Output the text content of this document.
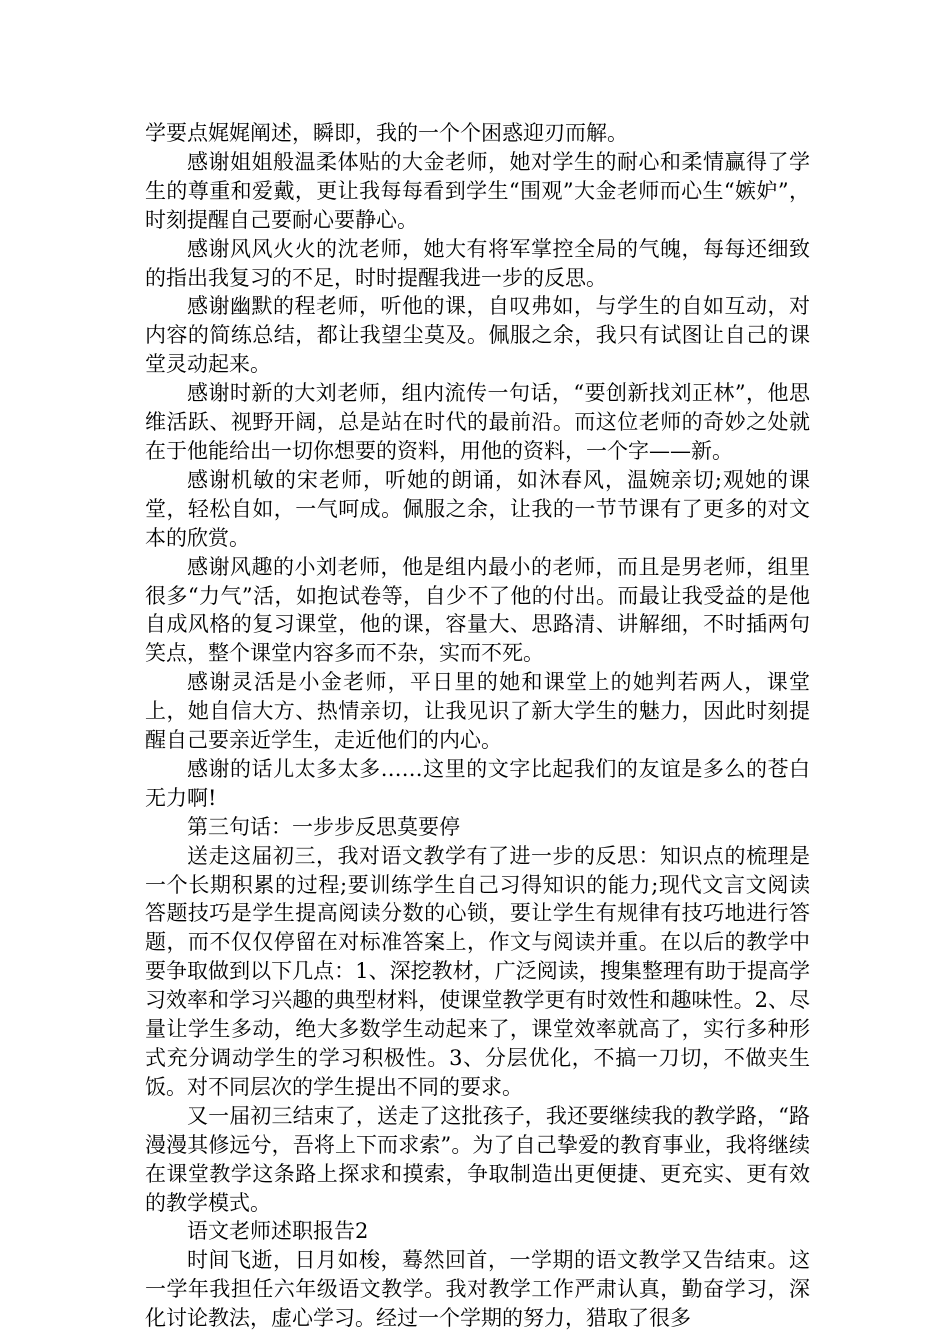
学要点娓娓阐述，瞬即，我的一个个困惑迎刃而解。

感谢姐姐般温柔体贴的大金老师，她对学生的耐心和柔情赢得了学生的尊重和爱戴，更让我每每看到学生“围观”大金老师而心生“嫉妒”，时刻提醒自己要耐心要静心。

感谢风风火火的沈老师，她大有将军掌控全局的气魄，每每还细致的指出我复习的不足，时时提醒我进一步的反思。

感谢幽默的程老师，听他的课，自叹弗如，与学生的自如互动，对内容的简练总结，都让我望尘莫及。佩服之余，我只有试图让自己的课堂灵动起来。

感谢时新的大刘老师，组内流传一句话，“要创新找刘正林”，他思维活跃、视野开阔，总是站在时代的最前沿。而这位老师的奇妙之处就在于他能给出一切你想要的资料，用他的资料，一个字——新。

感谢机敏的宋老师，听她的朗诵，如沐春风，温婉亲切;观她的课堂，轻松自如，一气呵成。佩服之余，让我的一节节课有了更多的对文本的欣赏。

感谢风趣的小刘老师，他是组内最小的老师，而且是男老师，组里很多“力气”活，如抱试卷等，自少不了他的付出。而最让我受益的是他自成风格的复习课堂，他的课，容量大、思路清、讲解细，不时插两句笑点，整个课堂内容多而不杂，实而不死。

感谢灵活是小金老师，平日里的她和课堂上的她判若两人，课堂上，她自信大方、热情亲切，让我见识了新大学生的魅力，因此时刻提醒自己要亲近学生，走近他们的内心。

感谢的话儿太多太多……这里的文字比起我们的友谊是多么的苍白无力啊!

第三句话：一步步反思莫要停

送走这届初三，我对语文教学有了进一步的反思：知识点的梳理是一个长期积累的过程;要训练学生自己习得知识的能力;现代文言文阅读答题技巧是学生提高阅读分数的心锁，要让学生有规律有技巧地进行答题，而不仅仅停留在对标准答案上，作文与阅读并重。在以后的教学中要争取做到以下几点：1、深挖教材，广泛阅读，搜集整理有助于提高学习效率和学习兴趣的典型材料，使课堂教学更有时效性和趣味性。2、尽量让学生多动，绝大多数学生动起来了，课堂效率就高了，实行多种形式充分调动学生的学习积极性。3、分层优化，不搞一刀切，不做夹生饭。对不同层次的学生提出不同的要求。

又一届初三结束了，送走了这批孩子，我还要继续我的教学路，“路漫漫其修远兮，吾将上下而求索”。为了自己挚爱的教育事业，我将继续在课堂教学这条路上探求和摸索，争取制造出更便捷、更充实、更有效的教学模式。

语文老师述职报告2

时间飞逝，日月如梭，蓦然回首，一学期的语文教学又告结束。这一学年我担任六年级语文教学。我对教学工作严肃认真，勤奋学习，深化讨论教法，虚心学习。经过一个学期的努力，猎取了很多
